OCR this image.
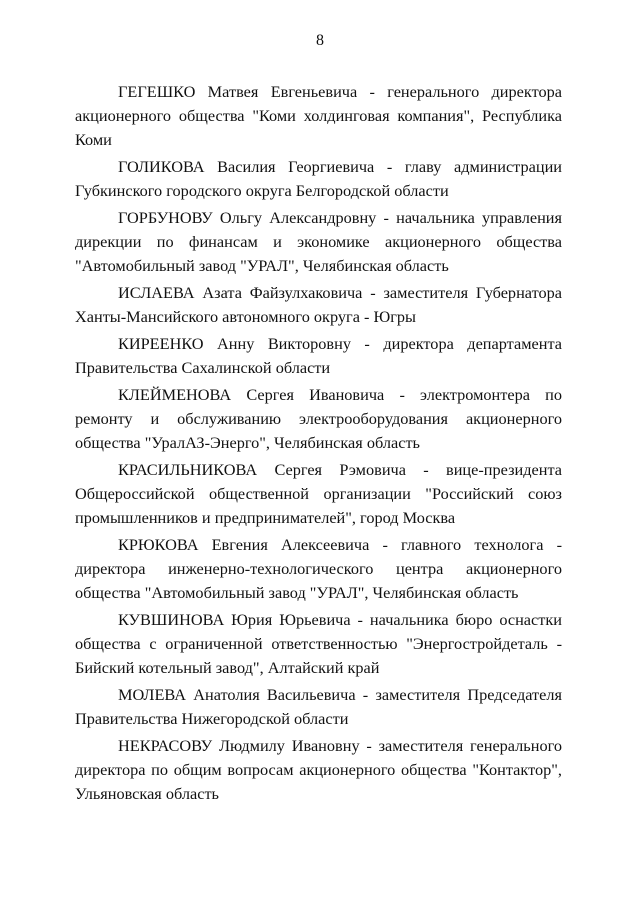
8

ГЕГЕШКО Матвея Евгеньевича - генерального директора акционерного общества "Коми холдинговая компания", Республика Коми

ГОЛИКОВА Василия Георгиевича - главу администрации Губкинского городского округа Белгородской области

ГОРБУНОВУ Ольгу Александровну - начальника управления дирекции по финансам и экономике акционерного общества "Автомобильный завод "УРАЛ", Челябинская область

ИСЛАЕВА Азата Файзулхаковича - заместителя Губернатора Ханты-Мансийского автономного округа - Югры

КИРЕЕНКО Анну Викторовну - директора департамента Правительства Сахалинской области

КЛЕЙМЕНОВА Сергея Ивановича - электромонтера по ремонту и обслуживанию электрооборудования акционерного общества "УралАЗ-Энерго", Челябинская область

КРАСИЛЬНИКОВА Сергея Рэмовича - вице-президента Общероссийской общественной организации "Российский союз промышленников и предпринимателей", город Москва

КРЮКОВА Евгения Алексеевича - главного технолога - директора инженерно-технологического центра акционерного общества "Автомобильный завод "УРАЛ", Челябинская область

КУВШИНОВА Юрия Юрьевича - начальника бюро оснастки общества с ограниченной ответственностью "Энергостройдеталь - Бийский котельный завод", Алтайский край

МОЛЕВА Анатолия Васильевича - заместителя Председателя Правительства Нижегородской области

НЕКРАСОВУ Людмилу Ивановну - заместителя генерального директора по общим вопросам акционерного общества "Контактор", Ульяновская область
